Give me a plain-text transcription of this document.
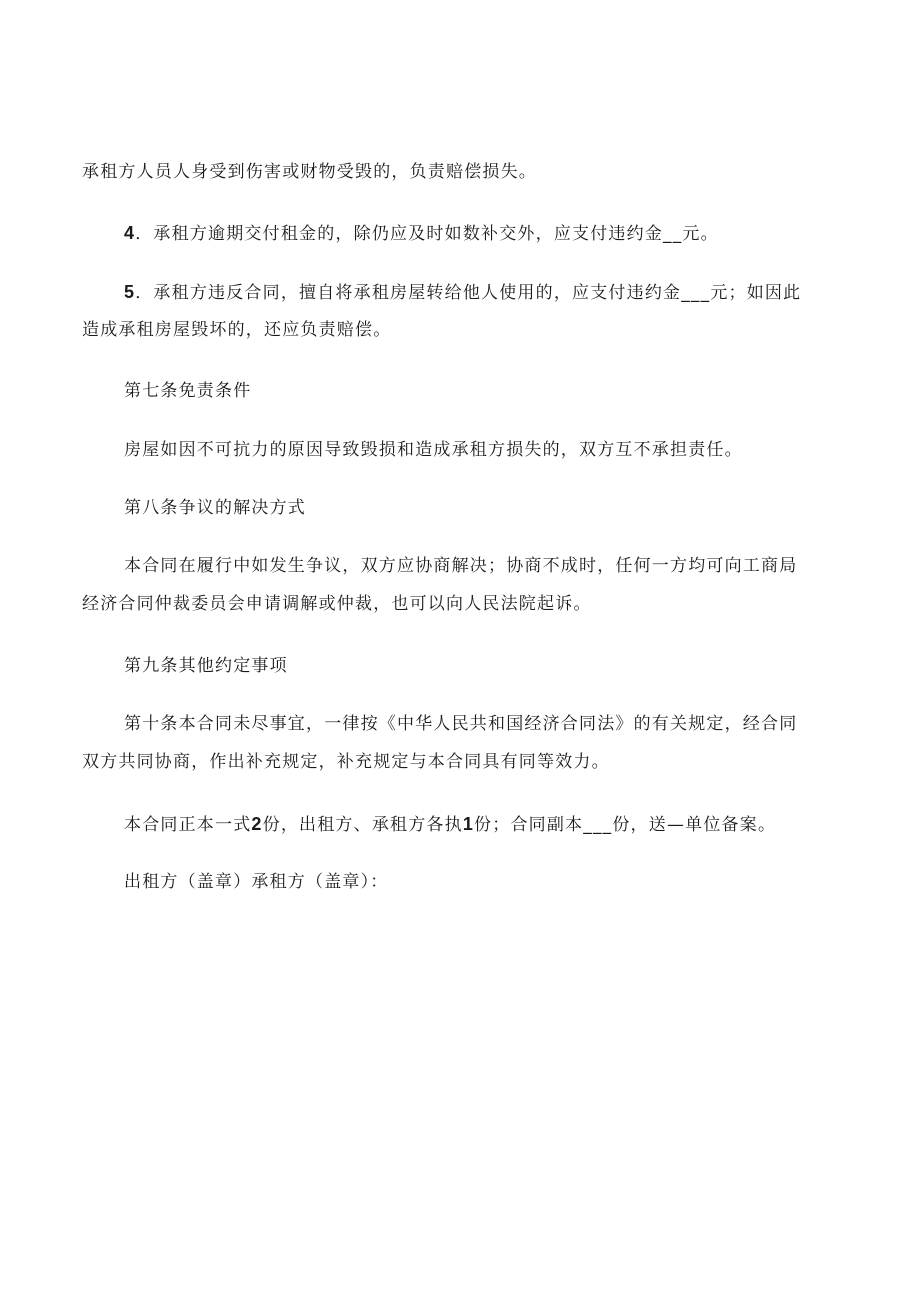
承租方人员人身受到伤害或财物受毁的，负责赔偿损失。
4．承租方逾期交付租金的，除仍应及时如数补交外，应支付违约金__元。
5．承租方违反合同，擅自将承租房屋转给他人使用的，应支付违约金___元；如因此
造成承租房屋毁坏的，还应负责赔偿。
第七条免责条件
房屋如因不可抗力的原因导致毁损和造成承租方损失的，双方互不承担责任。
第八条争议的解决方式
本合同在履行中如发生争议，双方应协商解决；协商不成时，任何一方均可向工商局
经济合同仲裁委员会申请调解或仲裁，也可以向人民法院起诉。
第九条其他约定事项
第十条本合同未尽事宜，一律按《中华人民共和国经济合同法》的有关规定，经合同
双方共同协商，作出补充规定，补充规定与本合同具有同等效力。
本合同正本一式2份，出租方、承租方各执1份；合同副本___份，送—单位备案。
出租方（盖章）承租方（盖章）：
